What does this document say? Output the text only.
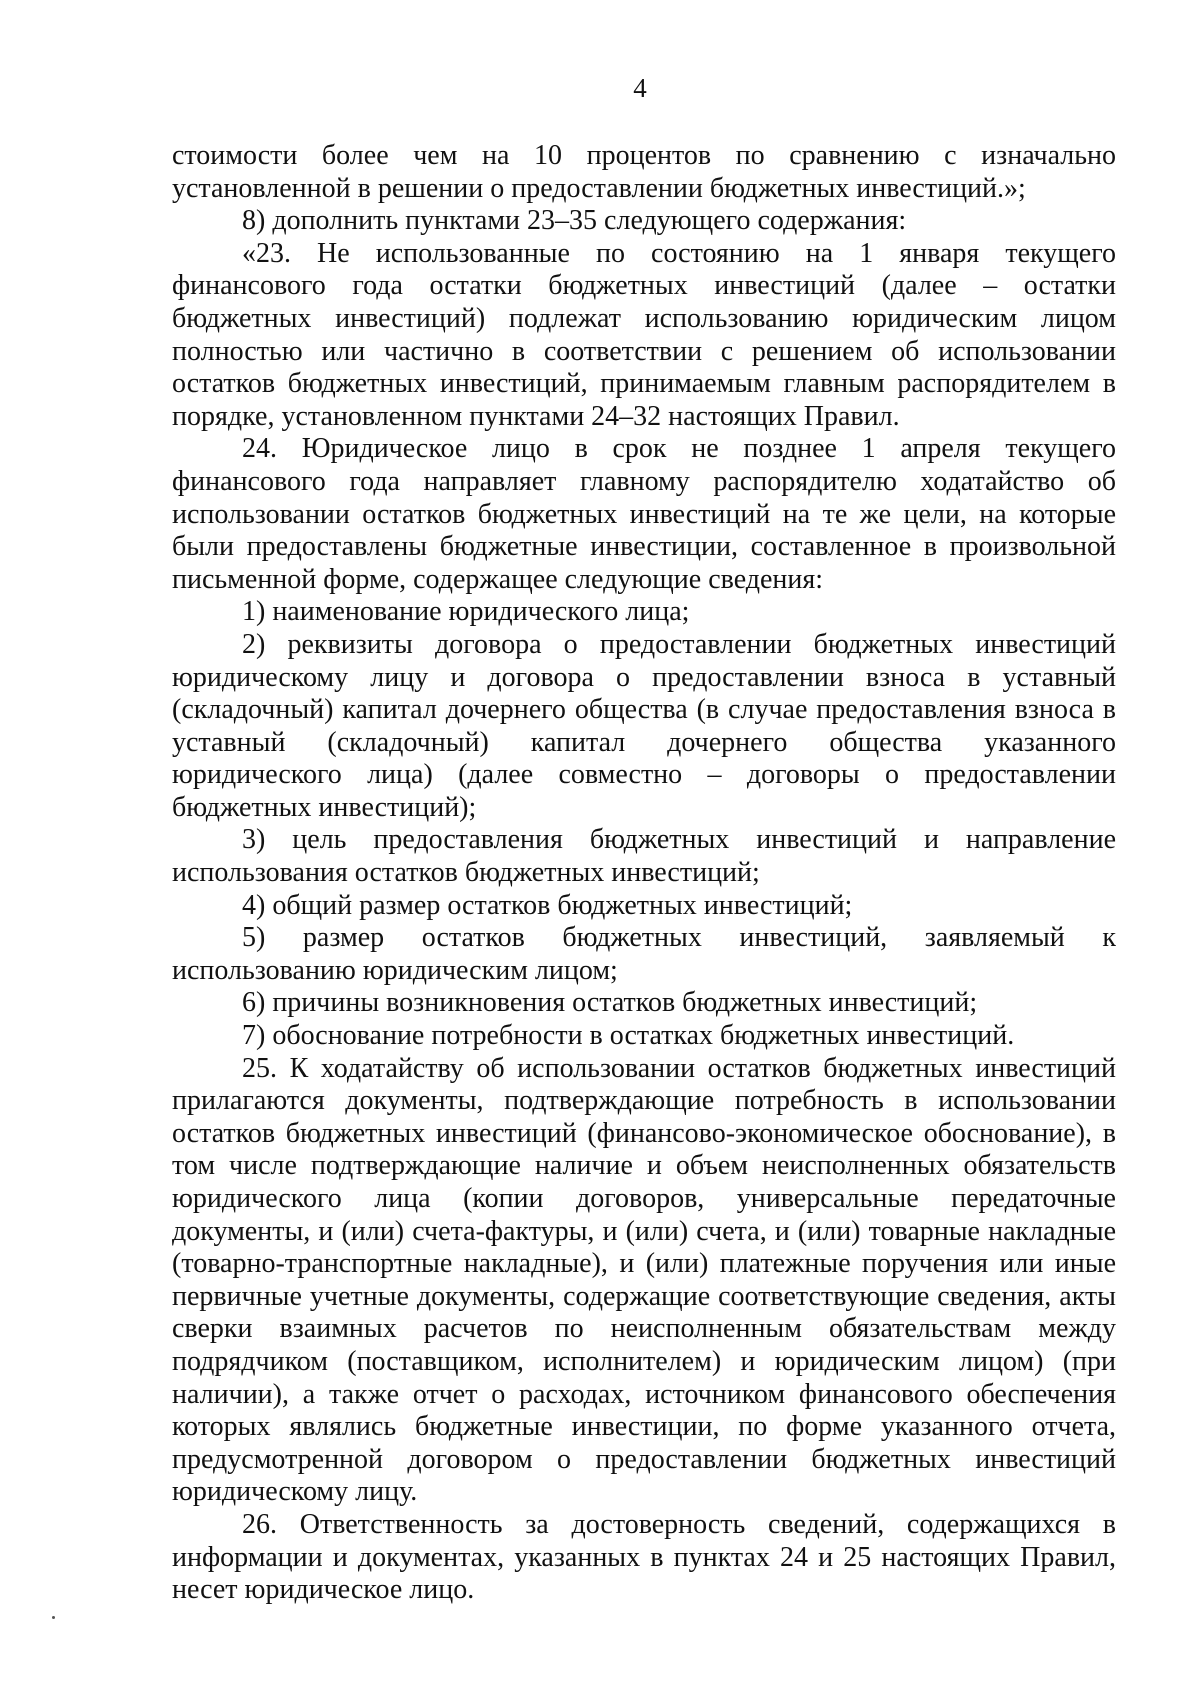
4

стоимости более чем на 10 процентов по сравнению с изначально установленной в решении о предоставлении бюджетных инвестиций.»;

8) дополнить пунктами 23–35 следующего содержания:

«23. Не использованные по состоянию на 1 января текущего финансового года остатки бюджетных инвестиций (далее – остатки бюджетных инвестиций) подлежат использованию юридическим лицом полностью или частично в соответствии с решением об использовании остатков бюджетных инвестиций, принимаемым главным распорядителем в порядке, установленном пунктами 24–32 настоящих Правил.

24. Юридическое лицо в срок не позднее 1 апреля текущего финансового года направляет главному распорядителю ходатайство об использовании остатков бюджетных инвестиций на те же цели, на которые были предоставлены бюджетные инвестиции, составленное в произвольной письменной форме, содержащее следующие сведения:

1) наименование юридического лица;

2) реквизиты договора о предоставлении бюджетных инвестиций юридическому лицу и договора о предоставлении взноса в уставный (складочный) капитал дочернего общества (в случае предоставления взноса в уставный (складочный) капитал дочернего общества указанного юридического лица) (далее совместно – договоры о предоставлении бюджетных инвестиций);

3) цель предоставления бюджетных инвестиций и направление использования остатков бюджетных инвестиций;

4) общий размер остатков бюджетных инвестиций;

5) размер остатков бюджетных инвестиций, заявляемый к использованию юридическим лицом;

6) причины возникновения остатков бюджетных инвестиций;

7) обоснование потребности в остатках бюджетных инвестиций.

25. К ходатайству об использовании остатков бюджетных инвестиций прилагаются документы, подтверждающие потребность в использовании остатков бюджетных инвестиций (финансово-экономическое обоснование), в том числе подтверждающие наличие и объем неисполненных обязательств юридического лица (копии договоров, универсальные передаточные документы, и (или) счета-фактуры, и (или) счета, и (или) товарные накладные (товарно-транспортные накладные), и (или) платежные поручения или иные первичные учетные документы, содержащие соответствующие сведения, акты сверки взаимных расчетов по неисполненным обязательствам между подрядчиком (поставщиком, исполнителем) и юридическим лицом) (при наличии), а также отчет о расходах, источником финансового обеспечения которых являлись бюджетные инвестиции, по форме указанного отчета, предусмотренной договором о предоставлении бюджетных инвестиций юридическому лицу.

26. Ответственность за достоверность сведений, содержащихся в информации и документах, указанных в пунктах 24 и 25 настоящих Правил, несет юридическое лицо.
